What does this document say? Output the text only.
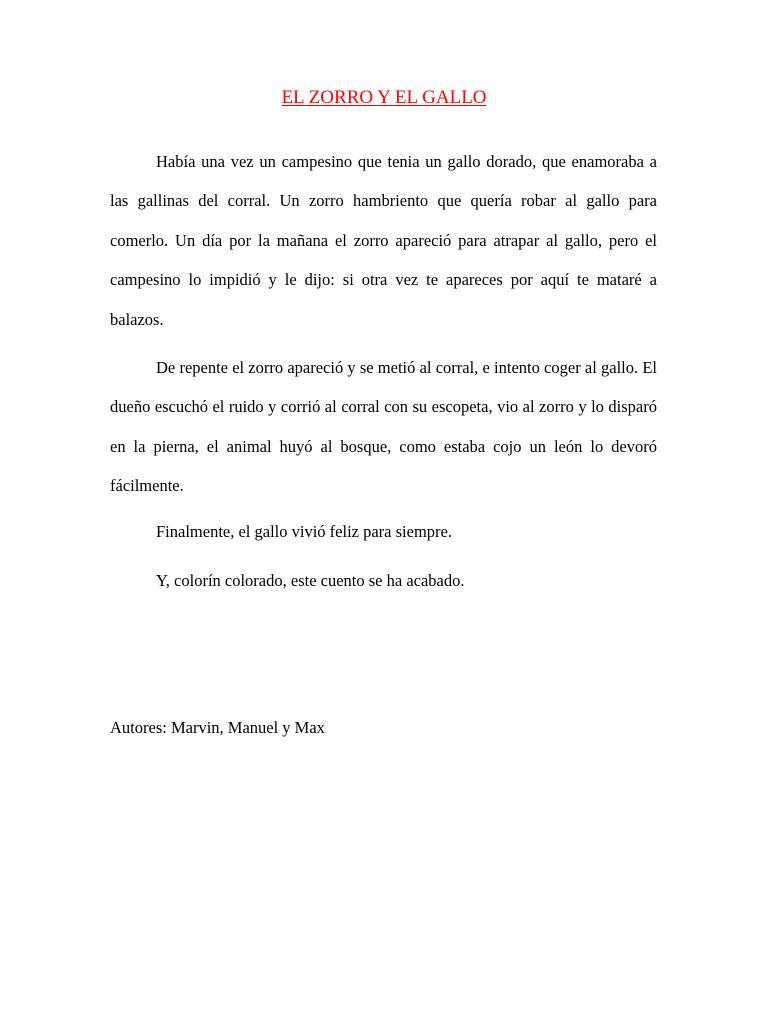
EL ZORRO Y EL GALLO

Había una vez un campesino que tenia un gallo dorado, que enamoraba a las gallinas del corral. Un zorro hambriento que quería robar al gallo para comerlo. Un día por la mañana el zorro apareció para atrapar al gallo, pero el campesino lo impidió y le dijo: si otra vez te apareces por aquí te mataré a balazos.

De repente el zorro apareció y se metió al corral, e intento coger al gallo. El dueño escuchó el ruido y corrió al corral con su escopeta, vio al zorro y lo disparó en la pierna, el animal huyó al bosque, como estaba cojo un león lo devoró fácilmente.

Finalmente, el gallo vivió feliz para siempre.

Y, colorín colorado, este cuento se ha acabado.

Autores: Marvin, Manuel y Max
